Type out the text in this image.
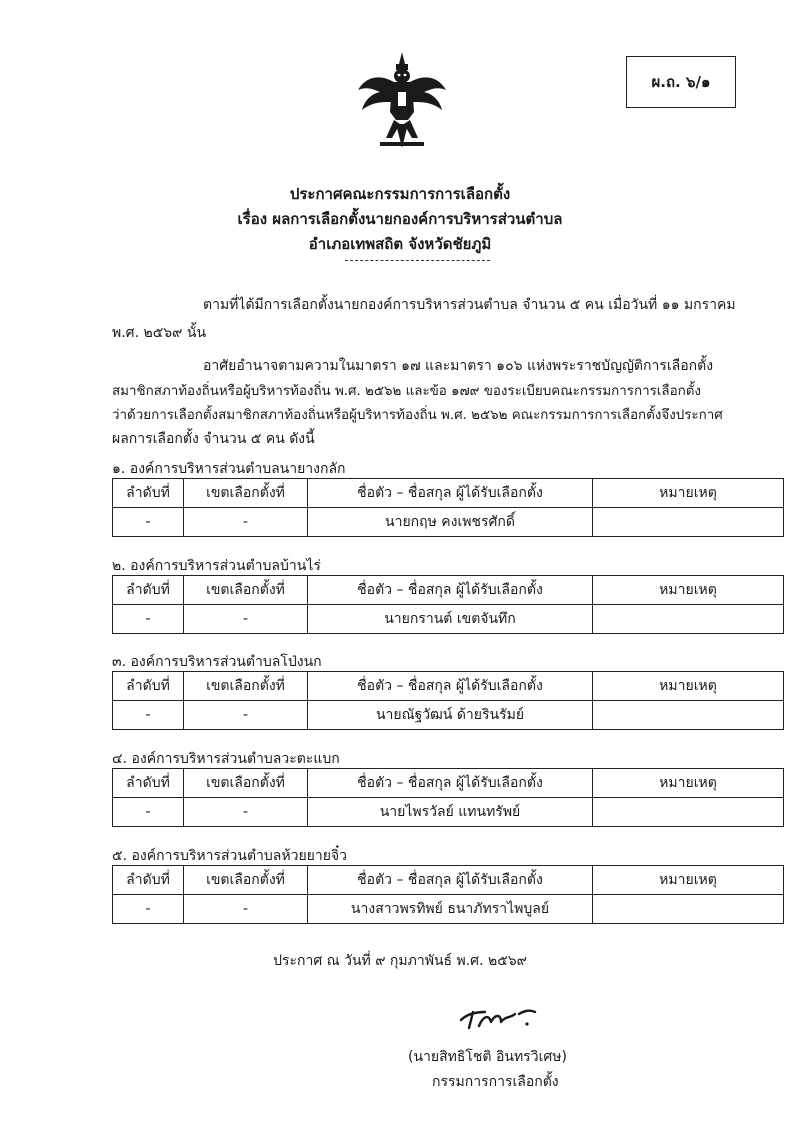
ผ.ถ. ๖/๑
ประกาศคณะกรรมการการเลือกตั้ง
เรื่อง ผลการเลือกตั้งนายกองค์การบริหารส่วนตำบล
อำเภอเทพสถิต จังหวัดชัยภูมิ
ตามที่ได้มีการเลือกตั้งนายกองค์การบริหารส่วนตำบล จำนวน ๕ คน เมื่อวันที่ ๑๑ มกราคม
พ.ศ. ๒๕๖๙ นั้น
อาศัยอำนาจตามความในมาตรา ๑๗ และมาตรา ๑๐๖ แห่งพระราชบัญญัติการเลือกตั้ง
สมาชิกสภาท้องถิ่นหรือผู้บริหารท้องถิ่น พ.ศ. ๒๕๖๒ และข้อ ๑๗๙ ของระเบียบคณะกรรมการการเลือกตั้ง
ว่าด้วยการเลือกตั้งสมาชิกสภาท้องถิ่นหรือผู้บริหารท้องถิ่น พ.ศ. ๒๕๖๒ คณะกรรมการการเลือกตั้งจึงประกาศ
ผลการเลือกตั้ง จำนวน ๕ คน ดังนี้
๑. องค์การบริหารส่วนตำบลนายางกลัก
ลำดับที่	เขตเลือกตั้งที่	ชื่อตัว – ชื่อสกุล ผู้ได้รับเลือกตั้ง	หมายเหตุ
-	-	นายกฤษ คงเพชรศักดิ์	
๒. องค์การบริหารส่วนตำบลบ้านไร่
ลำดับที่	เขตเลือกตั้งที่	ชื่อตัว – ชื่อสกุล ผู้ได้รับเลือกตั้ง	หมายเหตุ
-	-	นายกรานต์ เขตจันทึก	
๓. องค์การบริหารส่วนตำบลโป่งนก
ลำดับที่	เขตเลือกตั้งที่	ชื่อตัว – ชื่อสกุล ผู้ได้รับเลือกตั้ง	หมายเหตุ
-	-	นายณัฐวัฒน์ ด้ายรินรัมย์	
๔. องค์การบริหารส่วนตำบลวะตะแบก
ลำดับที่	เขตเลือกตั้งที่	ชื่อตัว – ชื่อสกุล ผู้ได้รับเลือกตั้ง	หมายเหตุ
-	-	นายไพรวัลย์ แทนทรัพย์	
๕. องค์การบริหารส่วนตำบลห้วยยายจิ๋ว
ลำดับที่	เขตเลือกตั้งที่	ชื่อตัว – ชื่อสกุล ผู้ได้รับเลือกตั้ง	หมายเหตุ
-	-	นางสาวพรทิพย์ ธนาภัทราไพบูลย์	
ประกาศ ณ วันที่ ๙ กุมภาพันธ์ พ.ศ. ๒๕๖๙
(นายสิทธิโชติ อินทรวิเศษ)
กรรมการการเลือกตั้ง
